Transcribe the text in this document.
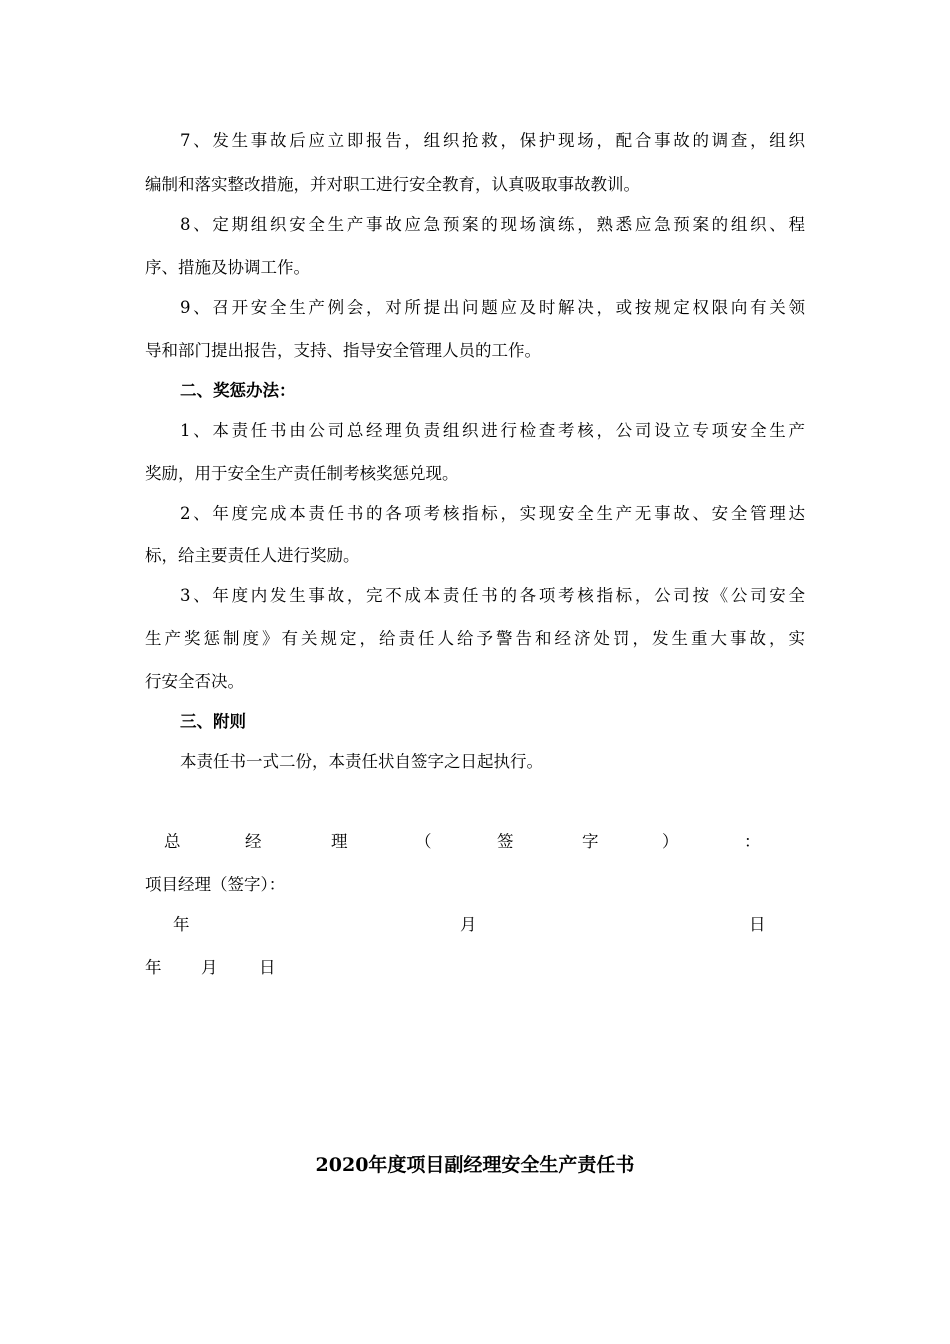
7、发生事故后应立即报告，组织抢救，保护现场，配合事故的调查，组织
编制和落实整改措施，并对职工进行安全教育，认真吸取事故教训。
8、定期组织安全生产事故应急预案的现场演练，熟悉应急预案的组织、程
序、措施及协调工作。
9、召开安全生产例会，对所提出问题应及时解决，或按规定权限向有关领
导和部门提出报告，支持、指导安全管理人员的工作。
二、奖惩办法：
1、本责任书由公司总经理负责组织进行检查考核，公司设立专项安全生产
奖励，用于安全生产责任制考核奖惩兑现。
2、年度完成本责任书的各项考核指标，实现安全生产无事故、安全管理达
标，给主要责任人进行奖励。
3、年度内发生事故，完不成本责任书的各项考核指标，公司按《公司安全
生产奖惩制度》有关规定，给责任人给予警告和经济处罚，发生重大事故，实
行安全否决。
三、附则
本责任书一式二份，本责任状自签字之日起执行。
总	经	理	（	签	字	）	：
项目经理（签字）：
年	月	日
年 月	日
2020年度项目副经理安全生产责任书
